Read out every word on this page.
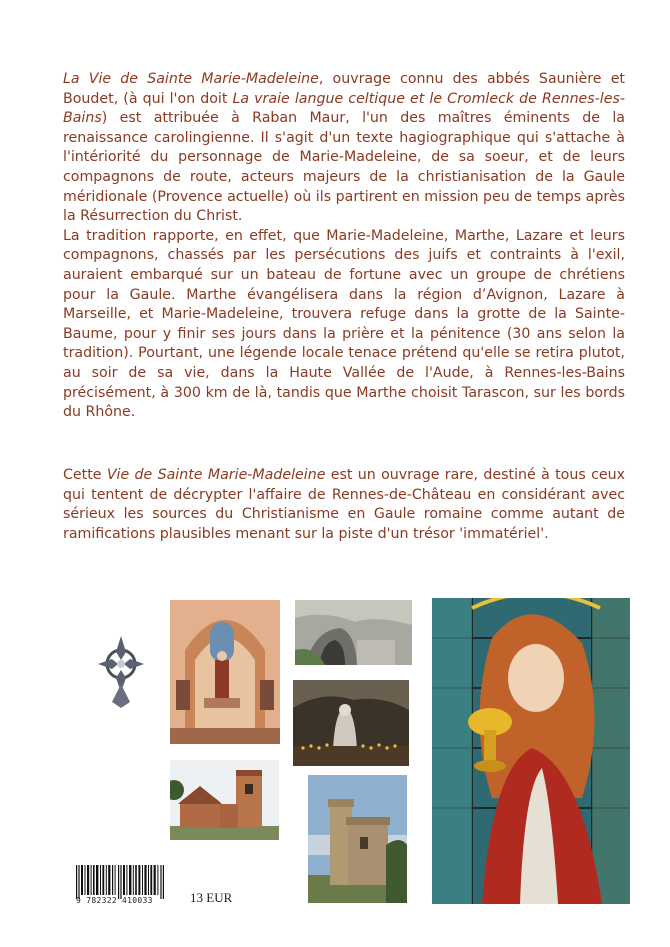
La Vie de Sainte Marie-Madeleine, ouvrage connu des abbés Saunière et Boudet, (à qui l'on doit La vraie langue celtique et le Cromleck de Rennes-les-Bains) est attribuée à Raban Maur, l'un des maîtres éminents de la renaissance carolingienne. Il s'agit d'un texte hagiographique qui s'attache à l'intériorité du personnage de Marie-Madeleine, de sa soeur, et de leurs compagnons de route, acteurs majeurs de la christianisation de la Gaule méridionale (Provence actuelle) où ils partirent en mission peu de temps après la Résurrection du Christ.

La tradition rapporte, en effet, que Marie-Madeleine, Marthe, Lazare et leurs compagnons, chassés par les persécutions des juifs et contraints à l'exil, auraient embarqué sur un bateau de fortune avec un groupe de chrétiens pour la Gaule. Marthe évangélisera dans la région d’Avignon, Lazare à Marseille, et Marie-Madeleine, trouvera refuge dans la grotte de la Sainte-Baume, pour y finir ses jours dans la prière et la pénitence (30 ans selon la tradition). Pourtant, une légende locale tenace prétend qu'elle se retira plutot, au soir de sa vie, dans la Haute Vallée de l'Aude, à Rennes-les-Bains précisément, à 300 km de là, tandis que Marthe choisit Tarascon, sur les bords du Rhône.

Cette Vie de Sainte Marie-Madeleine est un ouvrage rare, destiné à tous ceux qui tentent de décrypter l'affaire de Rennes-de-Château en considérant avec sérieux les sources du Christianisme en Gaule romaine comme autant de ramifications plausibles menant sur la piste d'un trésor 'immatériel'.

9 782322 410033	13 EUR
